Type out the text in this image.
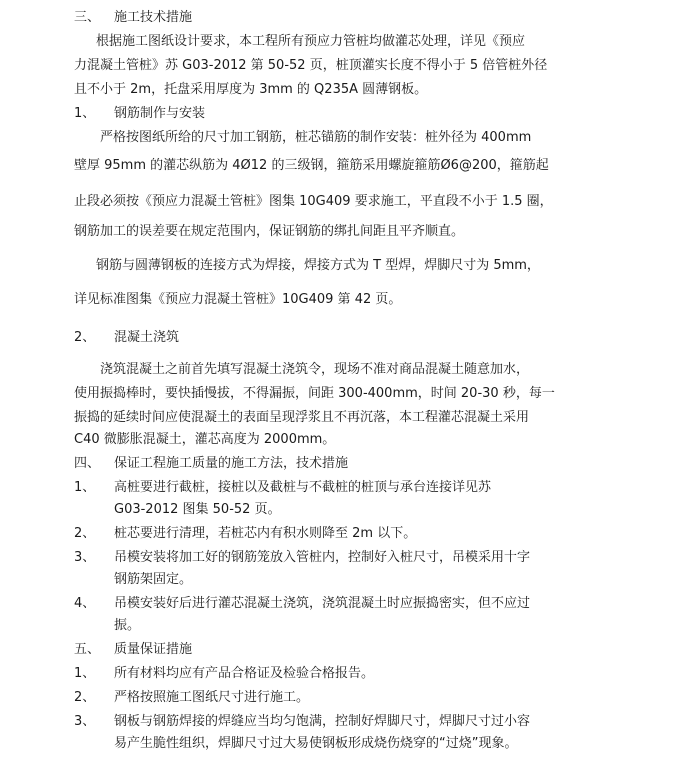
三、 施工技术措施
根据施工图纸设计要求，本工程所有预应力管桩均做灌芯处理，详见《预应
力混凝土管桩》苏 G03-2012 第 50-52 页，桩顶灌实长度不得小于 5 倍管桩外径
且不小于 2m，托盘采用厚度为 3mm 的 Q235A 圆薄钢板。
1、 钢筋制作与安装
严格按图纸所给的尺寸加工钢筋，桩芯锚筋的制作安装：桩外径为 400mm
壁厚 95mm 的灌芯纵筋为 4Ø12 的三级钢，箍筋采用螺旋箍筋Ø6@200，箍筋起
止段必须按《预应力混凝土管桩》图集 10G409 要求施工，平直段不小于 1.5 圈，
钢筋加工的误差要在规定范围内，保证钢筋的绑扎间距且平齐顺直。
钢筋与圆薄钢板的连接方式为焊接，焊接方式为 T 型焊，焊脚尺寸为 5mm，
详见标准图集《预应力混凝土管桩》10G409 第 42 页。
2、 混凝土浇筑
浇筑混凝土之前首先填写混凝土浇筑令，现场不准对商品混凝土随意加水，
使用振捣棒时，要快插慢拔，不得漏振，间距 300-400mm，时间 20-30 秒，每一
振捣的延续时间应使混凝土的表面呈现浮浆且不再沉落，本工程灌芯混凝土采用
C40 微膨胀混凝土，灌芯高度为 2000mm。
四、 保证工程施工质量的施工方法，技术措施
1、 高桩要进行截桩，接桩以及截桩与不截桩的桩顶与承台连接详见苏
G03-2012 图集 50-52 页。
2、 桩芯要进行清理，若桩芯内有积水则降至 2m 以下。
3、 吊模安装将加工好的钢筋笼放入管桩内，控制好入桩尺寸，吊模采用十字
钢筋架固定。
4、 吊模安装好后进行灌芯混凝土浇筑，浇筑混凝土时应振捣密实，但不应过
振。
五、 质量保证措施
1、 所有材料均应有产品合格证及检验合格报告。
2、 严格按照施工图纸尺寸进行施工。
3、 钢板与钢筋焊接的焊缝应当均匀饱满，控制好焊脚尺寸，焊脚尺寸过小容
易产生脆性组织，焊脚尺寸过大易使钢板形成烧伤烧穿的“过烧”现象。
